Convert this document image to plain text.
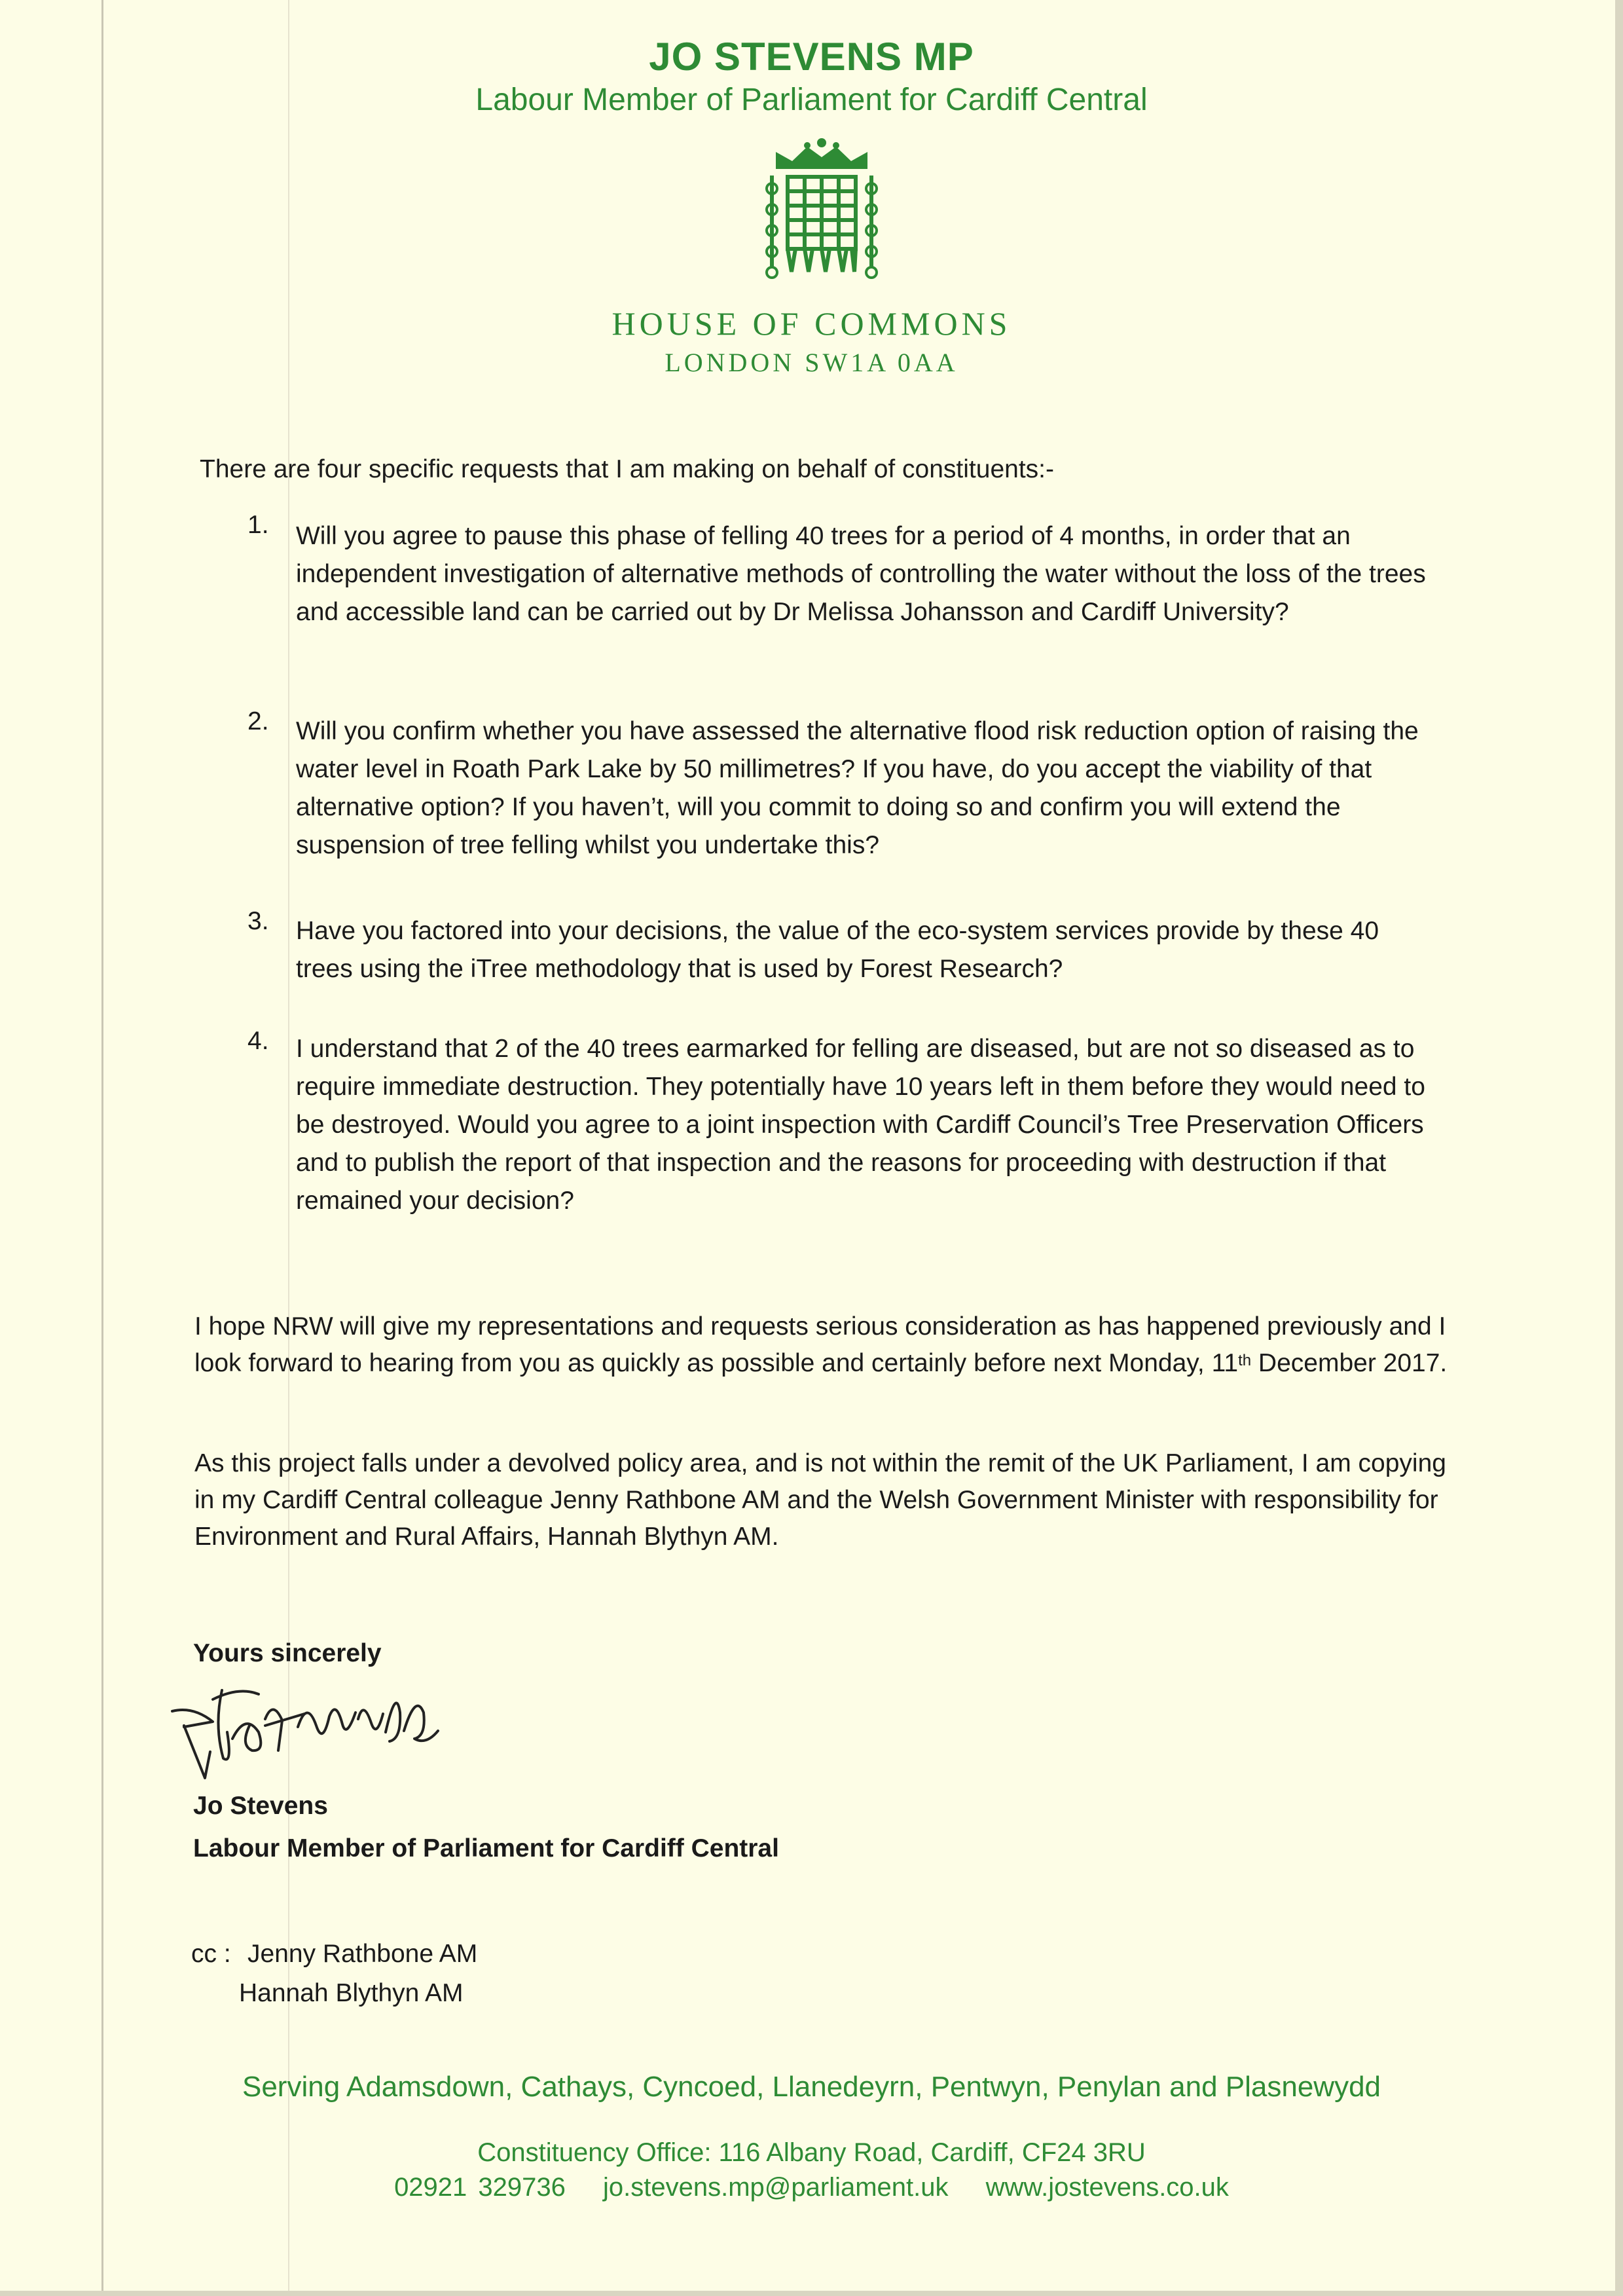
JO STEVENS MP
Labour Member of Parliament for Cardiff Central
HOUSE OF COMMONS
LONDON SW1A 0AA
There are four specific requests that I am making on behalf of constituents:-
1. Will you agree to pause this phase of felling 40 trees for a period of 4 months, in order that an independent investigation of alternative methods of controlling the water without the loss of the trees and accessible land can be carried out by Dr Melissa Johansson and Cardiff University?
2. Will you confirm whether you have assessed the alternative flood risk reduction option of raising the water level in Roath Park Lake by 50 millimetres? If you have, do you accept the viability of that alternative option? If you haven’t, will you commit to doing so and confirm you will extend the suspension of tree felling whilst you undertake this?
3. Have you factored into your decisions, the value of the eco-system services provide by these 40 trees using the iTree methodology that is used by Forest Research?
4. I understand that 2 of the 40 trees earmarked for felling are diseased, but are not so diseased as to require immediate destruction. They potentially have 10 years left in them before they would need to be destroyed. Would you agree to a joint inspection with Cardiff Council’s Tree Preservation Officers and to publish the report of that inspection and the reasons for proceeding with destruction if that remained your decision?
I hope NRW will give my representations and requests serious consideration as has happened previously and I look forward to hearing from you as quickly as possible and certainly before next Monday, 11th December 2017.
As this project falls under a devolved policy area, and is not within the remit of the UK Parliament, I am copying in my Cardiff Central colleague Jenny Rathbone AM and the Welsh Government Minister with responsibility for Environment and Rural Affairs, Hannah Blythyn AM.
Yours sincerely
Jo Stevens
Labour Member of Parliament for Cardiff Central
cc : Jenny Rathbone AM
Hannah Blythyn AM
Serving Adamsdown, Cathays, Cyncoed, Llanedeyrn, Pentwyn, Penylan and Plasnewydd
Constituency Office: 116 Albany Road, Cardiff, CF24 3RU
02921 329736 jo.stevens.mp@parliament.uk www.jostevens.co.uk
